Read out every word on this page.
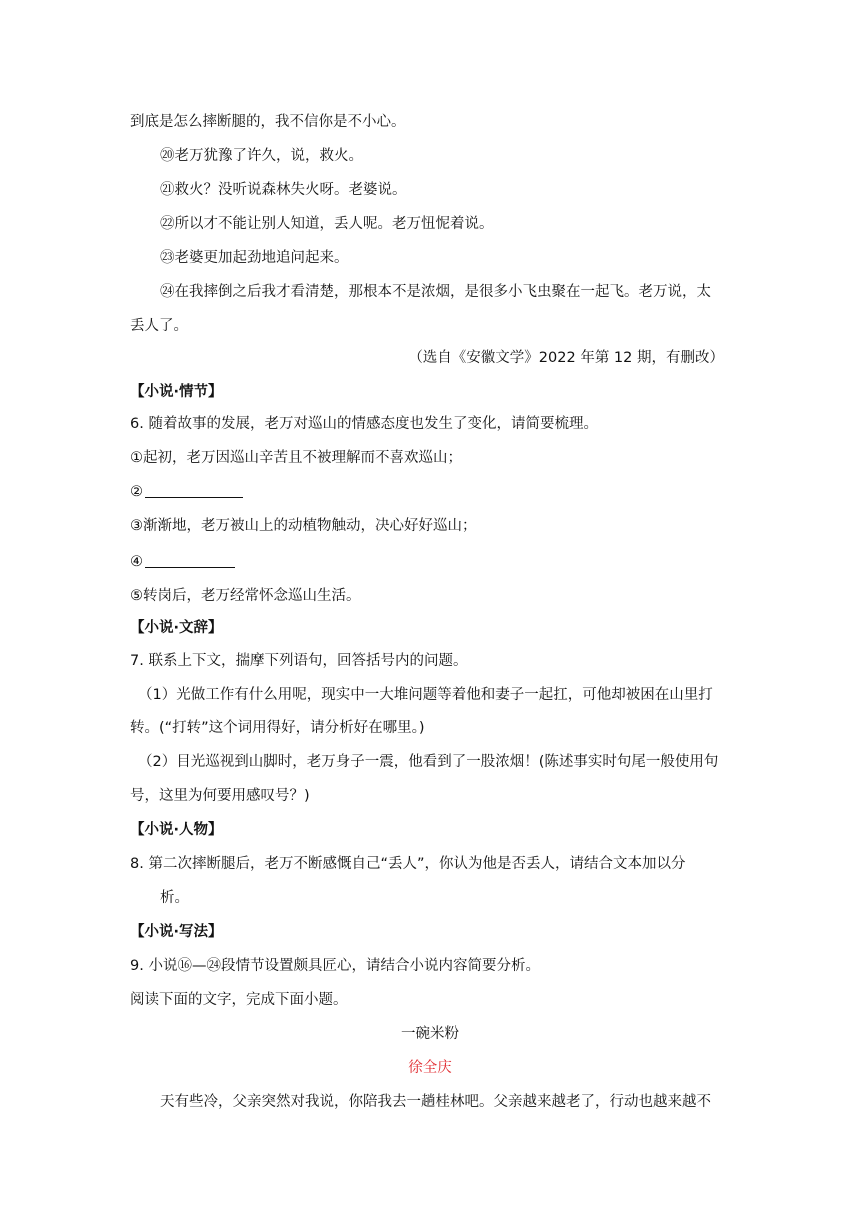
到底是怎么摔断腿的，我不信你是不小心。
⑳老万犹豫了许久，说，救火。
㉑救火？没听说森林失火呀。老婆说。
㉒所以才不能让别人知道，丢人呢。老万忸怩着说。
㉓老婆更加起劲地追问起来。
㉔在我摔倒之后我才看清楚，那根本不是浓烟，是很多小飞虫聚在一起飞。老万说，太
丢人了。
（选自《安徽文学》2022 年第 12 期，有删改）
【小说·情节】
6. 随着故事的发展，老万对巡山的情感态度也发生了变化，请简要梳理。
①起初，老万因巡山辛苦且不被理解而不喜欢巡山；
②
③渐渐地，老万被山上的动植物触动，决心好好巡山；
④
⑤转岗后，老万经常怀念巡山生活。
【小说·文辞】
7. 联系上下文，揣摩下列语句，回答括号内的问题。
（1）光做工作有什么用呢，现实中一大堆问题等着他和妻子一起扛，可他却被困在山里打
转。(“打转”这个词用得好，请分析好在哪里。)
（2）目光巡视到山脚时，老万身子一震，他看到了一股浓烟！(陈述事实时句尾一般使用句
号，这里为何要用感叹号？)
【小说·人物】
8. 第二次摔断腿后，老万不断感慨自己“丢人”，你认为他是否丢人，请结合文本加以分
析。
【小说·写法】
9. 小说⑯—㉔段情节设置颇具匠心，请结合小说内容简要分析。
阅读下面的文字，完成下面小题。
一碗米粉
徐全庆
天有些冷，父亲突然对我说，你陪我去一趟桂林吧。父亲越来越老了，行动也越来越不
